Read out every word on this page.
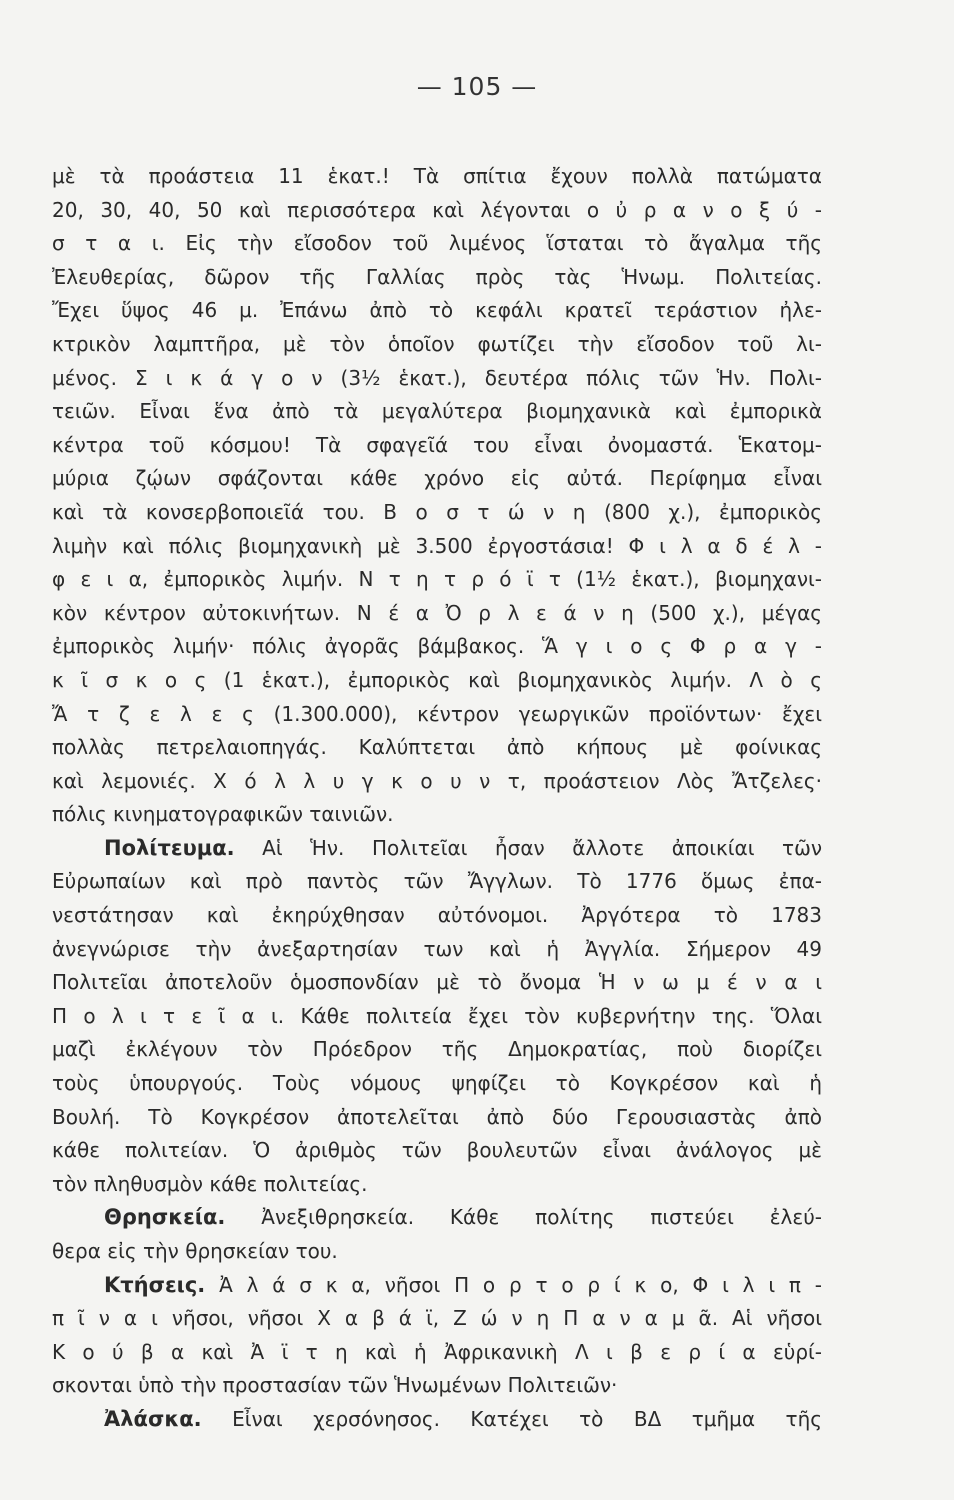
— 105 —
μὲ τὰ προάστεια 11 ἑκατ.! Τὰ σπίτια ἔχουν πολλὰ πατώματα
20, 30, 40, 50 καὶ περισσότερα καὶ λέγονται ο ὐ ρ α ν ο ξ ύ -
σ τ α ι. Εἰς τὴν εἴσοδον τοῦ λιμένος ἵσταται τὸ ἄγαλμα τῆς
Ἐλευθερίας, δῶρον τῆς Γαλλίας πρὸς τὰς Ἡνωμ. Πολιτείας.
Ἔχει ὕψος 46 μ. Ἐπάνω ἀπὸ τὸ κεφάλι κρατεῖ τεράστιον ἠλε-
κτρικὸν λαμπτῆρα, μὲ τὸν ὁποῖον φωτίζει τὴν εἴσοδον τοῦ λι-
μένος. Σ ι κ ά γ ο ν (3½ ἑκατ.), δευτέρα πόλις τῶν Ἡν. Πολι-
τειῶν. Εἶναι ἕνα ἀπὸ τὰ μεγαλύτερα βιομηχανικὰ καὶ ἐμπορικὰ
κέντρα τοῦ κόσμου! Τὰ σφαγεῖά του εἶναι ὀνομαστά. Ἑκατομ-
μύρια ζῴων σφάζονται κάθε χρόνο εἰς αὐτά. Περίφημα εἶναι
καὶ τὰ κονσερβοποιεῖά του. Β ο σ τ ώ ν η (800 χ.), ἐμπορικὸς
λιμὴν καὶ πόλις βιομηχανικὴ μὲ 3.500 ἐργοστάσια! Φ ι λ α δ έ λ -
φ ε ι α, ἐμπορικὸς λιμήν. Ν τ η τ ρ ό ϊ τ (1½ ἑκατ.), βιομηχανι-
κὸν κέντρον αὐτοκινήτων. Ν έ α Ὀ ρ λ ε ά ν η (500 χ.), μέγας
ἐμπορικὸς λιμήν· πόλις ἀγορᾶς βάμβακος. Ἅ γ ι ο ς Φ ρ α γ -
κ ῖ σ κ ο ς (1 ἑκατ.), ἐμπορικὸς καὶ βιομηχανικὸς λιμήν. Λ ὸ ς
Ἄ τ ζ ε λ ε ς (1.300.000), κέντρον γεωργικῶν προϊόντων· ἔχει
πολλὰς πετρελαιοπηγάς. Καλύπτεται ἀπὸ κήπους μὲ φοίνικας
καὶ λεμονιές. Χ ό λ λ υ γ κ ο υ ν τ, προάστειον Λὸς Ἄτζελες·
πόλις κινηματογραφικῶν ταινιῶν.
Πολίτευμα. Αἱ Ἡν. Πολιτεῖαι ἦσαν ἄλλοτε ἀποικίαι τῶν
Εὐρωπαίων καὶ πρὸ παντὸς τῶν Ἄγγλων. Τὸ 1776 ὅμως ἐπα-
νεστάτησαν καὶ ἐκηρύχθησαν αὐτόνομοι. Ἀργότερα τὸ 1783
ἀνεγνώρισε τὴν ἀνεξαρτησίαν των καὶ ἡ Ἀγγλία. Σήμερον 49
Πολιτεῖαι ἀποτελοῦν ὁμοσπονδίαν μὲ τὸ ὄνομα Ἡ ν ω μ έ ν α ι
Π ο λ ι τ ε ῖ α ι. Κάθε πολιτεία ἔχει τὸν κυβερνήτην της. Ὅλαι
μαζὶ ἐκλέγουν τὸν Πρόεδρον τῆς Δημοκρατίας, ποὺ διορίζει
τοὺς ὑπουργούς. Τοὺς νόμους ψηφίζει τὸ Κογκρέσον καὶ ἡ
Βουλή. Τὸ Κογκρέσον ἀποτελεῖται ἀπὸ δύο Γερουσιαστὰς ἀπὸ
κάθε πολιτείαν. Ὁ ἀριθμὸς τῶν βουλευτῶν εἶναι ἀνάλογος μὲ
τὸν πληθυσμὸν κάθε πολιτείας.
Θρησκεία. Ἀνεξιθρησκεία. Κάθε πολίτης πιστεύει ἐλεύ-
θερα εἰς τὴν θρησκείαν του.
Κτήσεις. Ἀ λ ά σ κ α, νῆσοι Π ο ρ τ ο ρ ί κ ο, Φ ι λ ι π -
π ῖ ν α ι νῆσοι, νῆσοι Χ α β ά ϊ, Ζ ώ ν η Π α ν α μ ᾶ. Αἱ νῆσοι
Κ ο ύ β α καὶ Ἀ ϊ τ η καὶ ἡ Ἀφρικανικὴ Λ ι β ε ρ ί α εὑρί-
σκονται ὑπὸ τὴν προστασίαν τῶν Ἡνωμένων Πολιτειῶν·
Ἀλάσκα. Εἶναι χερσόνησος. Κατέχει τὸ ΒΔ τμῆμα τῆς
